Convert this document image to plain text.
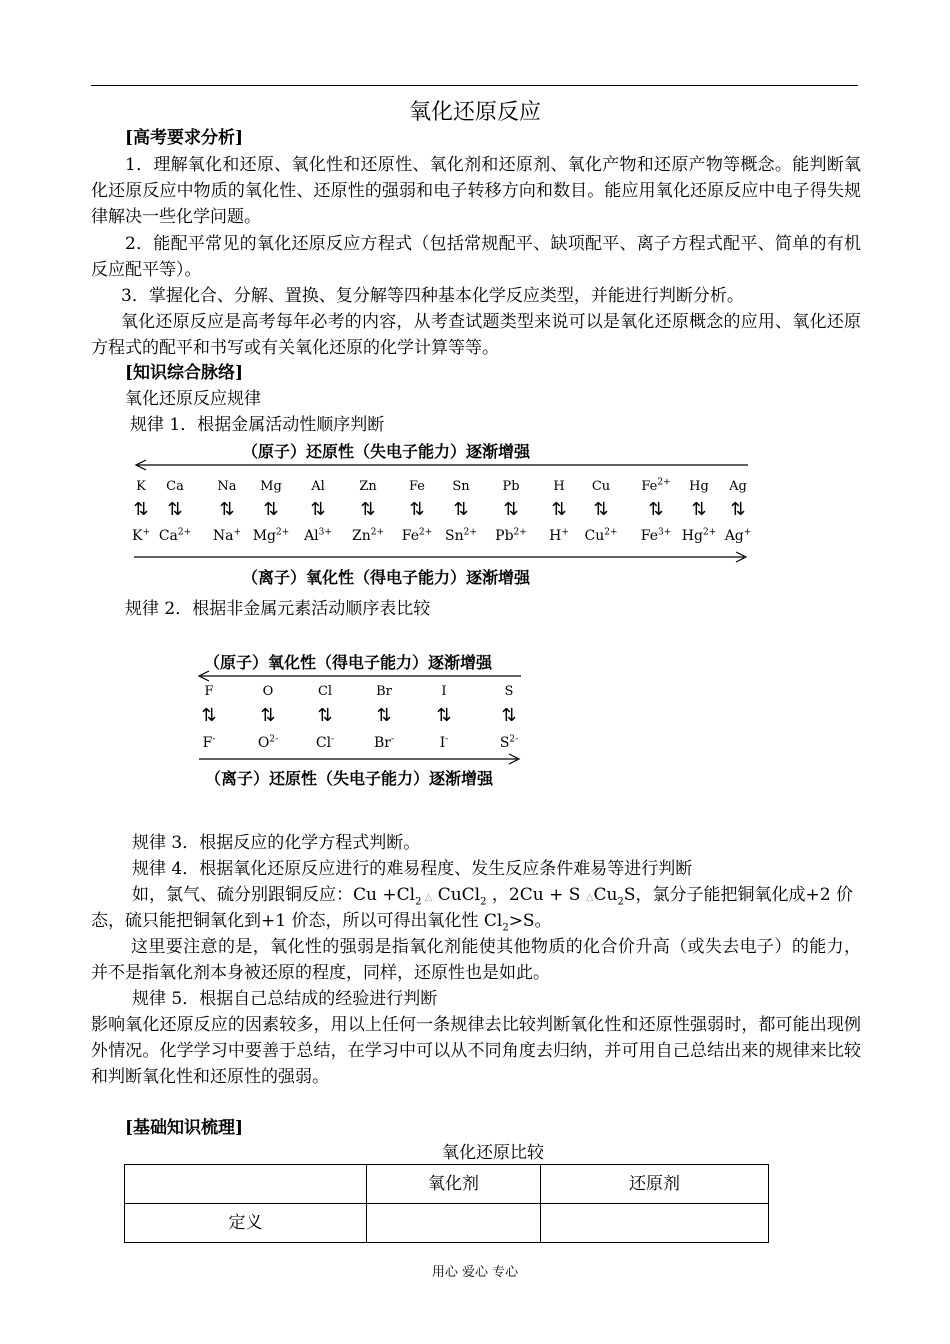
氧化还原反应
[高考要求分析]
1．理解氧化和还原、氧化性和还原性、氧化剂和还原剂、氧化产物和还原产物等概念。能判断氧化还原反应中物质的氧化性、还原性的强弱和电子转移方向和数目。能应用氧化还原反应中电子得失规律解决一些化学问题。
2．能配平常见的氧化还原反应方程式（包括常规配平、缺项配平、离子方程式配平、简单的有机反应配平等）。
3．掌握化合、分解、置换、复分解等四种基本化学反应类型，并能进行判断分析。
氧化还原反应是高考每年必考的内容，从考查试题类型来说可以是氧化还原概念的应用、氧化还原方程式的配平和书写或有关氧化还原的化学计算等等。
[知识综合脉络]
氧化还原反应规律
规律 1．根据金属活动性顺序判断
（原子）还原性（失电子能力）逐渐增强
K Ca	Na Mg Al	Zn Fe Sn	Pb	H Cu $Fe^{2+}$ Hg Ag
⇅ ⇅ ⇅ ⇅ ⇅ ⇅ ⇅ ⇅ ⇅ ⇅ ⇅ ⇅ ⇅ ⇅
K+ $Ca^{2+}$ Na+ $Mg^{2+}$ $Al^{3+}$ $Zn^{2+}$ $Fe^{2+}$ $Sn^{2+}$ $Pb^{2+}$ H+ $Cu^{2+}$ $Fe^{3+}$ $Hg^{2+}$ Ag+
（离子）氧化性（得电子能力）逐渐增强
规律 2．根据非金属元素活动顺序表比较
（原子）氧化性（得电子能力）逐渐增强
F	O	Cl	Br	I	S
⇅ ⇅ ⇅ ⇅ ⇅	⇅
F-	$O^{2-}$	Cl-	Br-	I-	$S^{2-}$
（离子）还原性（失电子能力）逐渐增强
规律 3．根据反应的化学方程式判断。
规律 4．根据氧化还原反应进行的难易程度、发生反应条件难易等进行判断
如，氯气、硫分别跟铜反应：$Cu +Cl_2$ △ CuCl$_2$ ，2Cu + S $\triangle Cu_2S$，氯分子能把铜氧化成+2 价
态，硫只能把铜氧化到+1 价态，所以可得出氧化性 $Cl_2>S$。
这里要注意的是，氧化性的强弱是指氧化剂能使其他物质的化合价升高（或失去电子）的能力，并不是指氧化剂本身被还原的程度，同样，还原性也是如此。
规律 5．根据自己总结成的经验进行判断
影响氧化还原反应的因素较多，用以上任何一条规律去比较判断氧化性和还原性强弱时，都可能出现例外情况。化学学习中要善于总结，在学习中可以从不同角度去归纳，并可用自己总结出来的规律来比较和判断氧化性和还原性的强弱。
[基础知识梳理]
氧化还原比较
	氧化剂	还原剂
定义		
用心 爱心 专心
